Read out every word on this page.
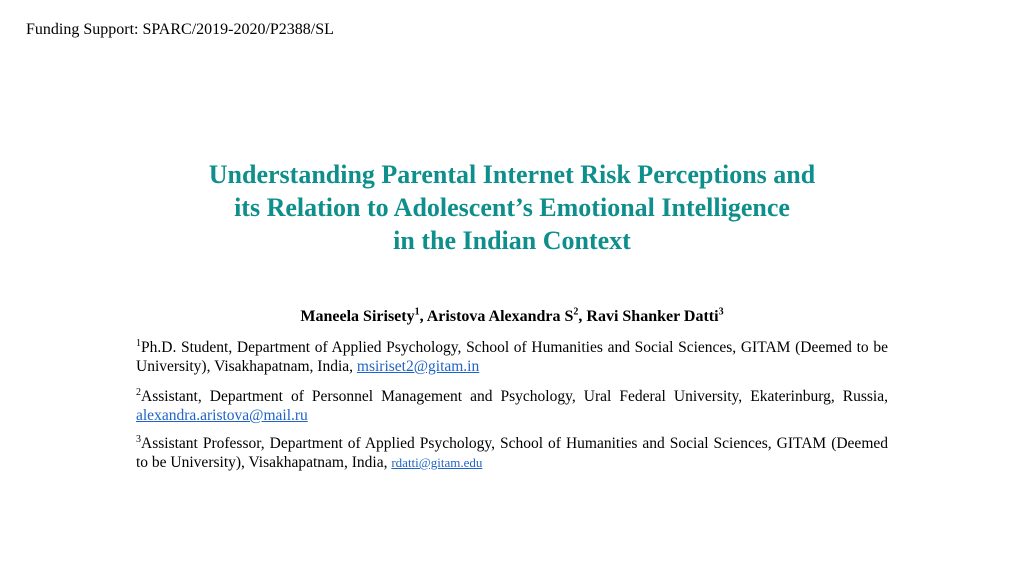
Funding Support: SPARC/2019-2020/P2388/SL
Understanding Parental Internet Risk Perceptions and
its Relation to Adolescent’s Emotional Intelligence
in the Indian Context
Maneela Sirisety$^1$, Aristova Alexandra $S^2$, Ravi Shanker Datti$^3$
$^1$Ph.D. Student, Department of Applied Psychology, School of Humanities and Social Sciences, GITAM (Deemed to be University), Visakhapatnam, India, msiriset2@gitam.in
$^2$Assistant, Department of Personnel Management and Psychology, Ural Federal University, Ekaterinburg, Russia, alexandra.aristova@mail.ru
$^3$Assistant Professor, Department of Applied Psychology, School of Humanities and Social Sciences, GITAM (Deemed to be University), Visakhapatnam, India, rdatti@gitam.edu
